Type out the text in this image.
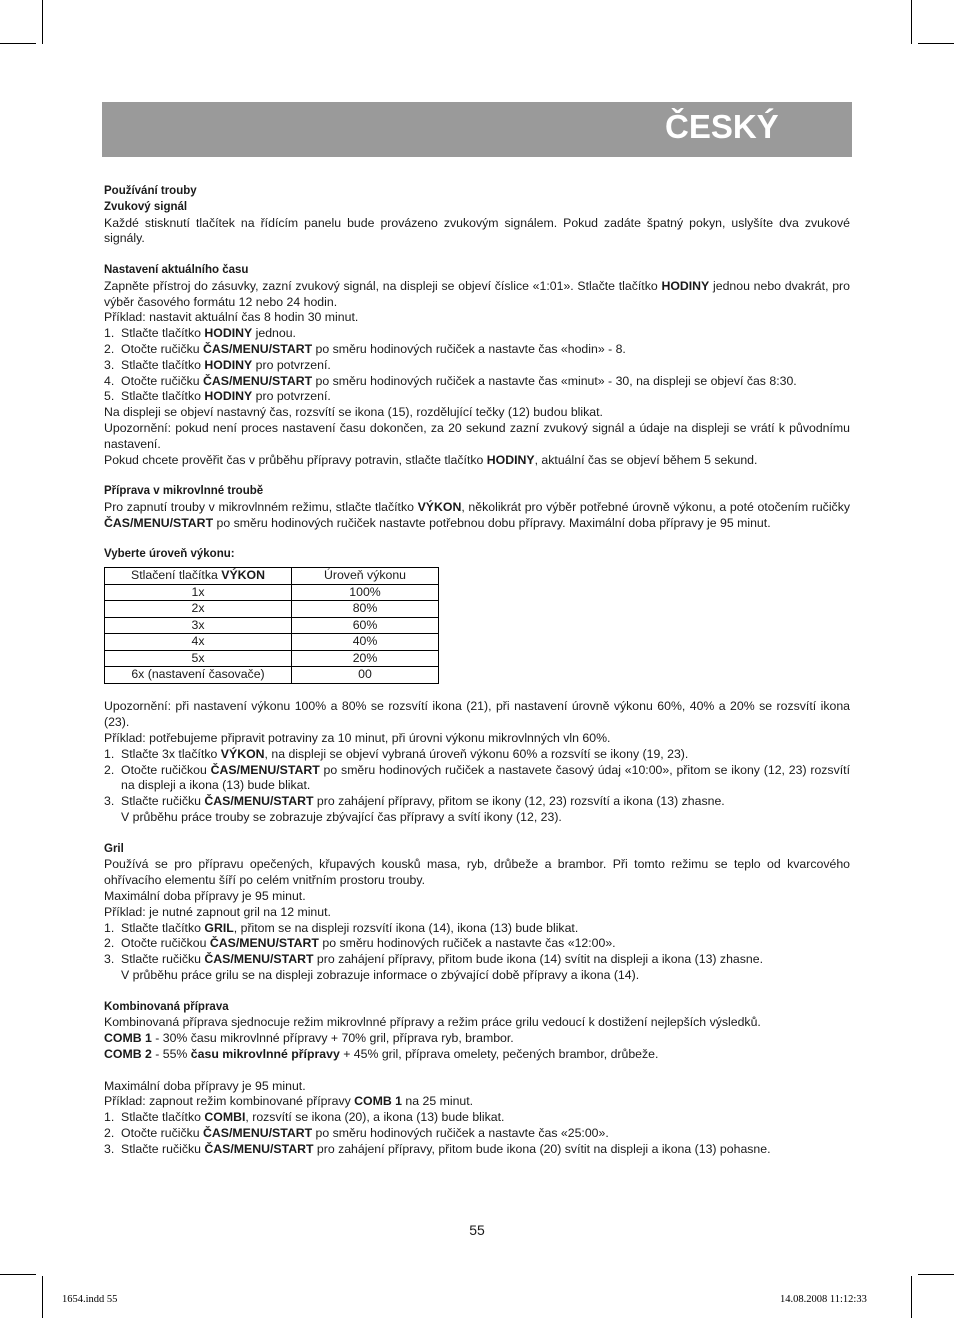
ČESKÝ

Používání trouby

Zvukový signál

Každé stisknutí tlačítek na řídícím panelu bude provázeno zvukovým signálem. Pokud zadáte špatný pokyn, uslyšíte dva zvukové signály.

Nastavení aktuálního času

Zapněte přístroj do zásuvky, zazní zvukový signál, na displeji se objeví číslice «1:01». Stlačte tlačítko HODINY jednou nebo dvakrát, pro výběr časového formátu 12 nebo 24 hodin.

Příklad: nastavit aktuální čas 8 hodin 30 minut.

1. Stlačte tlačítko HODINY jednou.
2. Otočte ručičku ČAS/MENU/START po směru hodinových ručiček a nastavte čas «hodin» - 8.
3. Stlačte tlačítko HODINY pro potvrzení.
4. Otočte ručičku ČAS/MENU/START po směru hodinových ručiček a nastavte čas «minut» - 30, na displeji se objeví čas 8:30.
5. Stlačte tlačítko HODINY pro potvrzení.

Na displeji se objeví nastavný čas, rozsvítí se ikona (15), rozdělující tečky (12) budou blikat.

Upozornění: pokud není proces nastavení času dokončen, za 20 sekund zazní zvukový signál a údaje na displeji se vrátí k původnímu nastavení.

Pokud chcete prověřit čas v průběhu přípravy potravin, stlačte tlačítko HODINY, aktuální čas se objeví během 5 sekund.

Příprava v mikrovlnné troubě

Pro zapnutí trouby v mikrovlnném režimu, stlačte tlačítko VÝKON, několikrát pro výběr potřebné úrovně výkonu, a poté otočením ručičky ČAS/MENU/START po směru hodinových ručiček nastavte potřebnou dobu přípravy. Maximální doba přípravy je 95 minut.

Vyberte úroveň výkonu:

Stlačení tlačítka VÝKON	Úroveň výkonu
1x	100%
2x	80%
3x	60%
4x	40%
5x	20%
6x (nastavení časovače)	00

Upozornění: při nastavení výkonu 100% a 80% se rozsvítí ikona (21), při nastavení úrovně výkonu 60%, 40% a 20% se rozsvítí ikona (23).

Příklad: potřebujeme připravit potraviny za 10 minut, při úrovni výkonu mikrovlnných vln 60%.

1. Stlačte 3x tlačítko VÝKON, na displeji se objeví vybraná úroveň výkonu 60% a rozsvítí se ikony (19, 23).
2. Otočte ručičkou ČAS/MENU/START po směru hodinových ručiček a nastavete časový údaj «10:00», přitom se ikony (12, 23) rozsvítí na displeji a ikona (13) bude blikat.
3. Stlačte ručičku ČAS/MENU/START pro zahájení přípravy, přitom se ikony (12, 23) rozsvítí a ikona (13) zhasne.

V průběhu práce trouby se zobrazuje zbývající čas přípravy a svítí ikony (12, 23).

Gril

Používá se pro přípravu opečených, křupavých kousků masa, ryb, drůbeže a brambor. Při tomto režimu se teplo od kvarcového ohřívacího elementu šíří po celém vnitřním prostoru trouby.

Maximální doba přípravy je 95 minut.

Příklad: je nutné zapnout gril na 12 minut.

1. Stlačte tlačítko GRIL, přitom se na displeji rozsvítí ikona (14), ikona (13) bude blikat.
2. Otočte ručičkou ČAS/MENU/START po směru hodinových ručiček a nastavte čas «12:00».
3. Stlačte ručičku ČAS/MENU/START pro zahájení přípravy, přitom bude ikona (14) svítit na displeji a ikona (13) zhasne.

V průběhu práce grilu se na displeji zobrazuje informace o zbývající době přípravy a ikona (14).

Kombinovaná příprava

Kombinovaná příprava sjednocuje režim mikrovlnné přípravy a režim práce grilu vedoucí k dostižení nejlepších výsledků.

COMB 1 - 30% času mikrovlnné přípravy + 70% gril, příprava ryb, brambor.

COMB 2 - 55% času mikrovlnné přípravy + 45% gril, příprava omelety, pečených brambor, drůbeže.

Maximální doba přípravy je 95 minut.

Příklad: zapnout režim kombinované přípravy COMB 1 na 25 minut.

1. Stlačte tlačítko COMBI, rozsvítí se ikona (20), a ikona (13) bude blikat.
2. Otočte ručičku ČAS/MENU/START po směru hodinových ručiček a nastavte čas «25:00».
3. Stlačte ručičku ČAS/MENU/START pro zahájení přípravy, přitom bude ikona (20) svítit na displeji a ikona (13) pohasne.
55
1654.indd 55	14.08.2008 11:12:33
